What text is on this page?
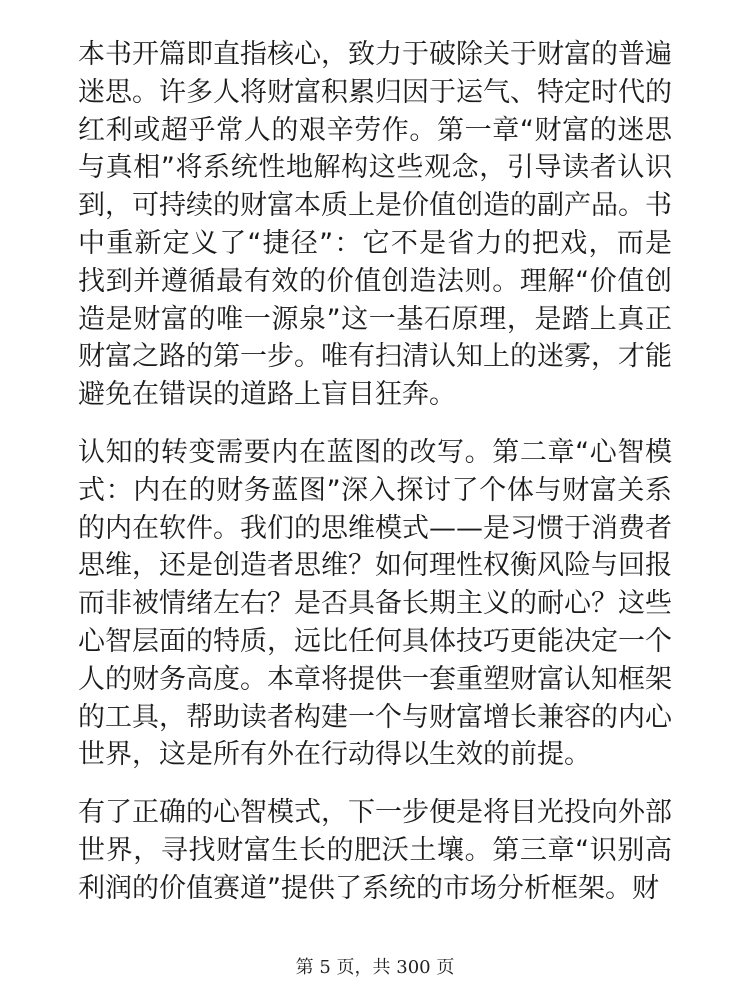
本书开篇即直指核心，致力于破除关于财富的普遍迷思。许多人将财富积累归因于运气、特定时代的红利或超乎常人的艰辛劳作。第一章“财富的迷思与真相”将系统性地解构这些观念，引导读者认识到，可持续的财富本质上是价值创造的副产品。书中重新定义了“捷径”：它不是省力的把戏，而是找到并遵循最有效的价值创造法则。理解“价值创造是财富的唯一源泉”这一基石原理，是踏上真正财富之路的第一步。唯有扫清认知上的迷雾，才能避免在错误的道路上盲目狂奔。

认知的转变需要内在蓝图的改写。第二章“心智模式：内在的财务蓝图”深入探讨了个体与财富关系的内在软件。我们的思维模式——是习惯于消费者思维，还是创造者思维？如何理性权衡风险与回报而非被情绪左右？是否具备长期主义的耐心？这些心智层面的特质，远比任何具体技巧更能决定一个人的财务高度。本章将提供一套重塑财富认知框架的工具，帮助读者构建一个与财富增长兼容的内心世界，这是所有外在行动得以生效的前提。

有了正确的心智模式，下一步便是将目光投向外部世界，寻找财富生长的肥沃土壤。第三章“识别高利润的价值赛道”提供了系统的市场分析框架。财

第 5 页，共 300 页
